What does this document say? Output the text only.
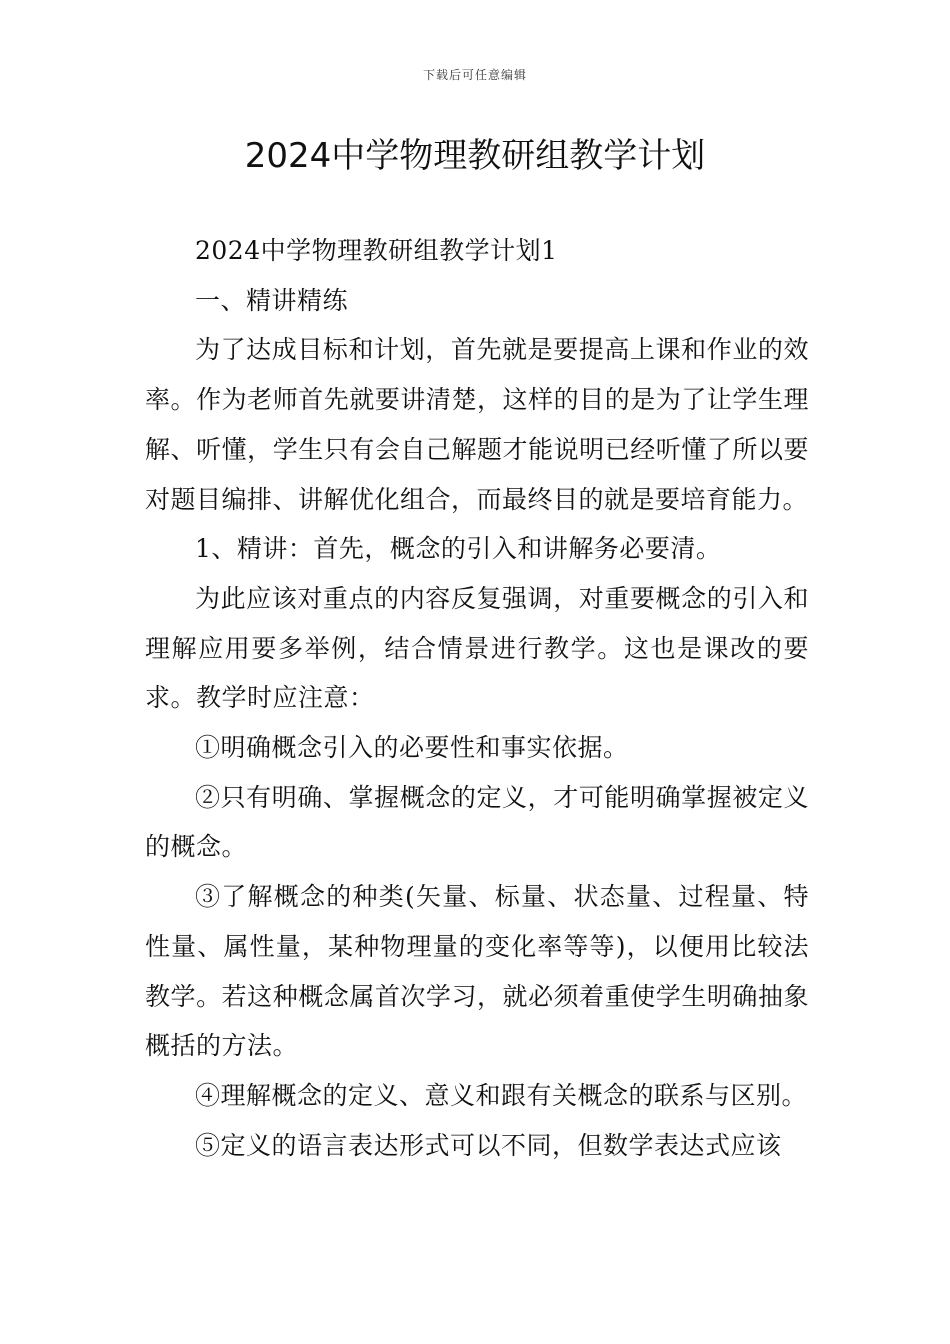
下载后可任意编辑
2024中学物理教研组教学计划

2024中学物理教研组教学计划1

一、精讲精练

为了达成目标和计划，首先就是要提高上课和作业的效率。作为老师首先就要讲清楚，这样的目的是为了让学生理解、听懂，学生只有会自己解题才能说明已经听懂了所以要对题目编排、讲解优化组合，而最终目的就是要培育能力。

1、精讲：首先，概念的引入和讲解务必要清。

为此应该对重点的内容反复强调，对重要概念的引入和理解应用要多举例，结合情景进行教学。这也是课改的要求。教学时应注意：

①明确概念引入的必要性和事实依据。

②只有明确、掌握概念的定义，才可能明确掌握被定义的概念。

③了解概念的种类(矢量、标量、状态量、过程量、特性量、属性量，某种物理量的变化率等等)，以便用比较法教学。若这种概念属首次学习，就必须着重使学生明确抽象概括的方法。

④理解概念的定义、意义和跟有关概念的联系与区别。

⑤定义的语言表达形式可以不同，但数学表达式应该
